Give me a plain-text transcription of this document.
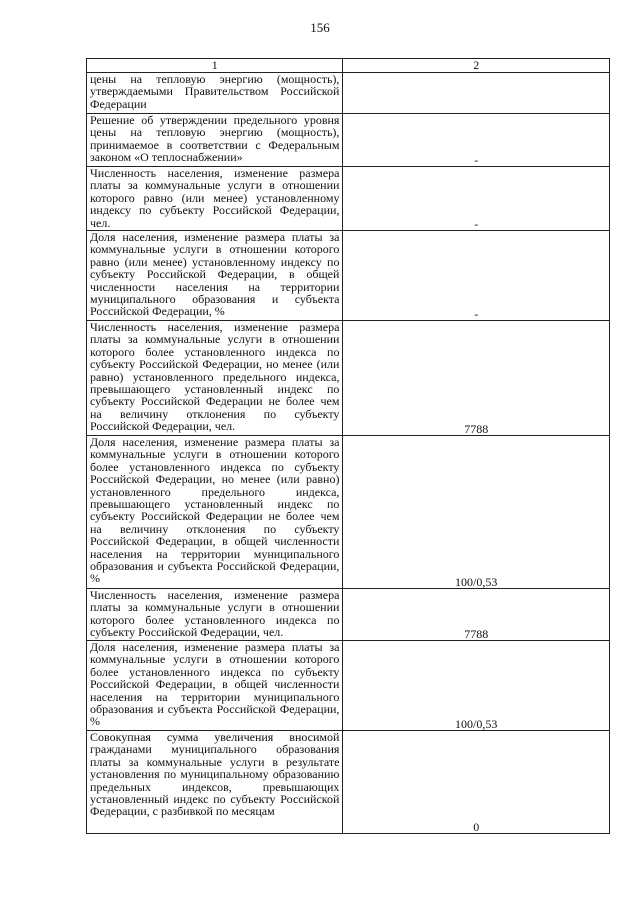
156
1	2
цены на тепловую энергию (мощность), утверждаемыми Правительством Российской Федерации	
Решение об утверждении предельного уровня цены на тепловую энергию (мощность), принимаемое в соответствии с Федеральным законом «О теплоснабжении»	-
Численность населения, изменение размера платы за коммунальные услуги в отношении которого равно (или менее) установленному индексу по субъекту Российской Федерации, чел.	-
Доля населения, изменение размера платы за коммунальные услуги в отношении которого равно (или менее) установленному индексу по субъекту Российской Федерации, в общей численности населения на территории муниципального образования и субъекта Российской Федерации, %	-
Численность населения, изменение размера платы за коммунальные услуги в отношении которого более установленного индекса по субъекту Российской Федерации, но менее (или равно) установленного предельного индекса, превышающего установленный индекс по субъекту Российской Федерации не более чем на величину отклонения по субъекту Российской Федерации, чел.	7788
Доля населения, изменение размера платы за коммунальные услуги в отношении которого более установленного индекса по субъекту Российской Федерации, но менее (или равно) установленного предельного индекса, превышающего установленный индекс по субъекту Российской Федерации не более чем на величину отклонения по субъекту Российской Федерации, в общей численности населения на территории муниципального образования и субъекта Российской Федерации, %	100/0,53
Численность населения, изменение размера платы за коммунальные услуги в отношении которого более установленного индекса по субъекту Российской Федерации, чел.	7788
Доля населения, изменение размера платы за коммунальные услуги в отношении которого более установленного индекса по субъекту Российской Федерации, в общей численности населения на территории муниципального образования и субъекта Российской Федерации, %	100/0,53
Совокупная сумма увеличения вносимой гражданами муниципального образования платы за коммунальные услуги в результате установления по муниципальному образованию предельных индексов, превышающих установленный индекс по субъекту Российской Федерации, с разбивкой по месяцам	0
